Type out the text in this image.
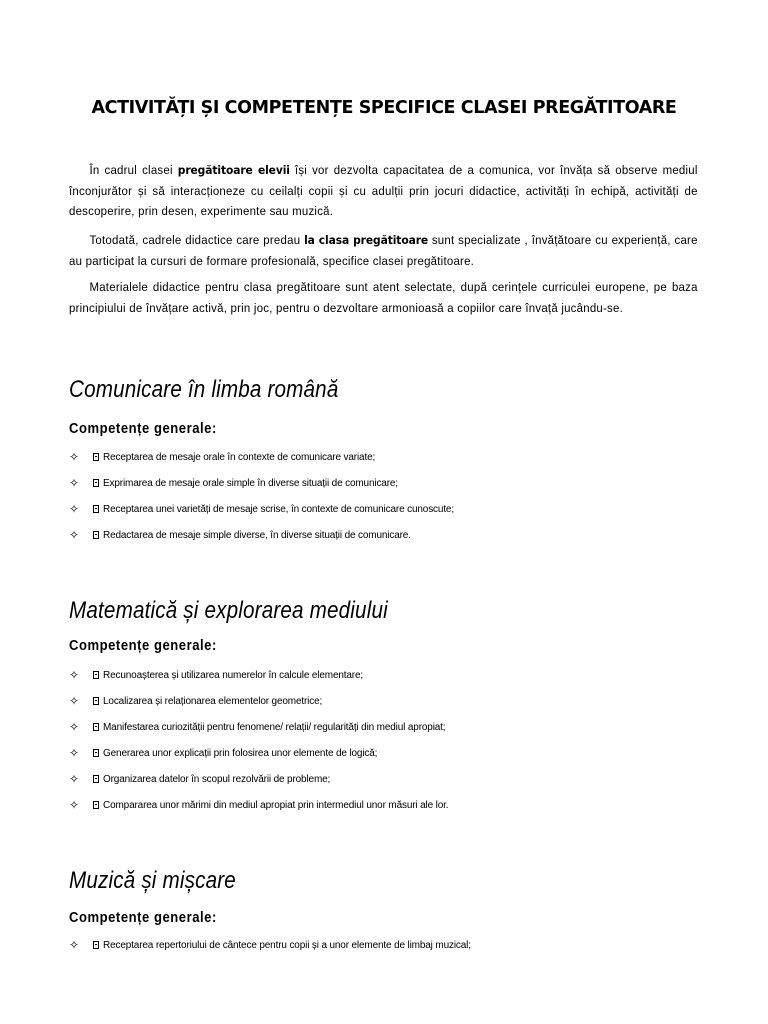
ACTIVITĂȚI ȘI COMPETENȚE SPECIFICE CLASEI PREGĂTITOARE

În cadrul clasei pregătitoare elevii își vor dezvolta capacitatea de a comunica, vor învăța să observe mediul înconjurător și să interacționeze cu ceilalți copii și cu adulții prin jocuri didactice, activități în echipă, activități de descoperire, prin desen, experimente sau muzică.

Totodată, cadrele didactice care predau la clasa pregătitoare sunt specializate , învățătoare cu experiență, care au participat la cursuri de formare profesională, specifice clasei pregătitoare.

Materialele didactice pentru clasa pregătitoare sunt atent selectate, după cerințele curriculei europene, pe baza principiului de învățare activă, prin joc, pentru o dezvoltare armonioasă a copiilor care învață jucându-se.

Comunicare în limba română
Competențe generale:
✧	Receptarea de mesaje orale în contexte de comunicare variate;
✧	Exprimarea de mesaje orale simple în diverse situații de comunicare;
✧	Receptarea unei varietăți de mesaje scrise, în contexte de comunicare cunoscute;
✧	Redactarea de mesaje simple diverse, în diverse situații de comunicare.
Matematică și explorarea mediului
Competențe generale:
✧	Recunoașterea și utilizarea numerelor în calcule elementare;
✧	Localizarea și relaționarea elementelor geometrice;
✧	Manifestarea curiozității pentru fenomene/ relații/ regularități din mediul apropiat;
✧	Generarea unor explicații prin folosirea unor elemente de logică;
✧	Organizarea datelor în scopul rezolvării de probleme;
✧	Compararea unor mărimi din mediul apropiat prin intermediul unor măsuri ale lor.
Muzică și mișcare
Competențe generale:
✧	Receptarea repertoriului de cântece pentru copii și a unor elemente de limbaj muzical;
